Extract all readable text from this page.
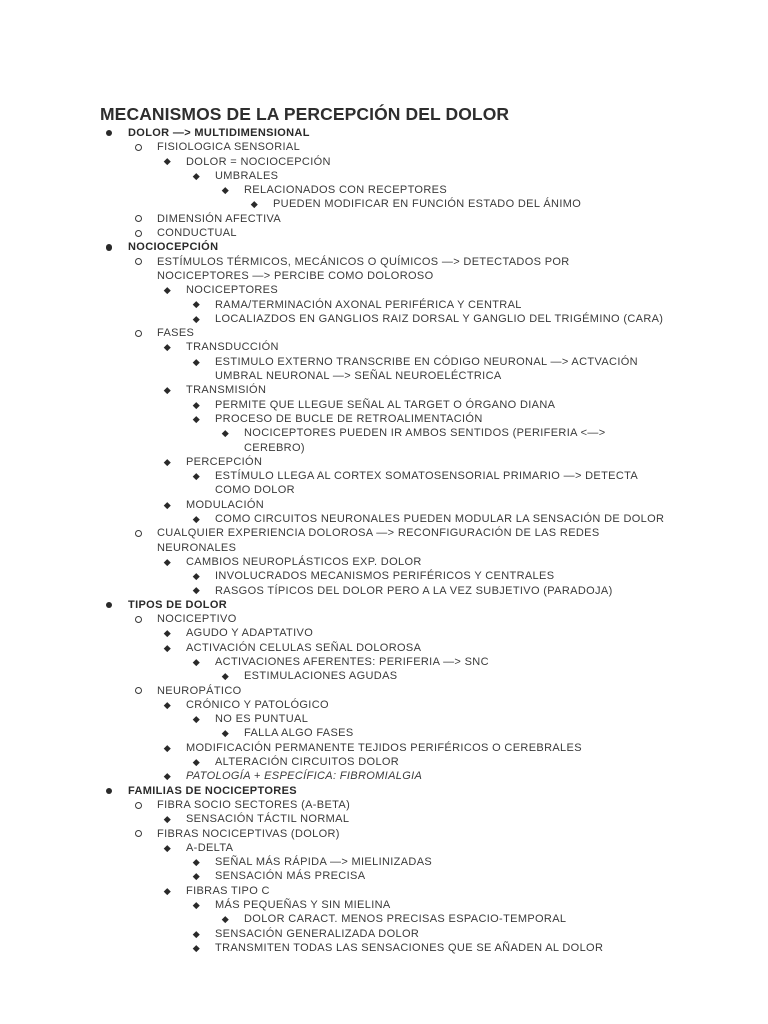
MECANISMOS DE LA PERCEPCIÓN DEL DOLOR
DOLOR —> MULTIDIMENSIONAL
FISIOLOGICA SENSORIAL
DOLOR = NOCIOCEPCIÓN
UMBRALES
RELACIONADOS CON RECEPTORES
PUEDEN MODIFICAR EN FUNCIÓN ESTADO DEL ÁNIMO
DIMENSIÓN AFECTIVA
CONDUCTUAL
NOCIOCEPCIÓN
ESTÍMULOS TÉRMICOS, MECÁNICOS O QUÍMICOS —> DETECTADOS POR
NOCICEPTORES —> PERCIBE COMO DOLOROSO
NOCICEPTORES
RAMA/TERMINACIÓN AXONAL PERIFÉRICA Y CENTRAL
LOCALIAZDOS EN GANGLIOS RAIZ DORSAL Y GANGLIO DEL TRIGÉMINO (CARA)
FASES
TRANSDUCCIÓN
ESTIMULO EXTERNO TRANSCRIBE EN CÓDIGO NEURONAL —> ACTVACIÓN
UMBRAL NEURONAL —> SEÑAL NEUROELÉCTRICA
TRANSMISIÓN
PERMITE QUE LLEGUE SEÑAL AL TARGET O ÓRGANO DIANA
PROCESO DE BUCLE DE RETROALIMENTACIÓN
NOCICEPTORES PUEDEN IR AMBOS SENTIDOS (PERIFERIA <—>
CEREBRO)
PERCEPCIÓN
ESTÍMULO LLEGA AL CORTEX SOMATOSENSORIAL PRIMARIO —> DETECTA
COMO DOLOR
MODULACIÓN
COMO CIRCUITOS NEURONALES PUEDEN MODULAR LA SENSACIÓN DE DOLOR
CUALQUIER EXPERIENCIA DOLOROSA —> RECONFIGURACIÓN DE LAS REDES
NEURONALES
CAMBIOS NEUROPLÁSTICOS EXP. DOLOR
INVOLUCRADOS MECANISMOS PERIFÉRICOS Y CENTRALES
RASGOS TÍPICOS DEL DOLOR PERO A LA VEZ SUBJETIVO (PARADOJA)
TIPOS DE DOLOR
NOCICEPTIVO
AGUDO Y ADAPTATIVO
ACTIVACIÓN CELULAS SEÑAL DOLOROSA
ACTIVACIONES AFERENTES: PERIFERIA —> SNC
ESTIMULACIONES AGUDAS
NEUROPÁTICO
CRÓNICO Y PATOLÓGICO
NO ES PUNTUAL
FALLA ALGO FASES
MODIFICACIÓN PERMANENTE TEJIDOS PERIFÉRICOS O CEREBRALES
ALTERACIÓN CIRCUITOS DOLOR
PATOLOGÍA + ESPECÍFICA: FIBROMIALGIA
FAMILIAS DE NOCICEPTORES
FIBRA SOCIO SECTORES (A-BETA)
SENSACIÓN TÁCTIL NORMAL
FIBRAS NOCICEPTIVAS (DOLOR)
A-DELTA
SEÑAL MÁS RÁPIDA —> MIELINIZADAS
SENSACIÓN MÁS PRECISA
FIBRAS TIPO C
MÁS PEQUEÑAS Y SIN MIELINA
DOLOR CARACT. MENOS PRECISAS ESPACIO-TEMPORAL
SENSACIÓN GENERALIZADA DOLOR
TRANSMITEN TODAS LAS SENSACIONES QUE SE AÑADEN AL DOLOR
